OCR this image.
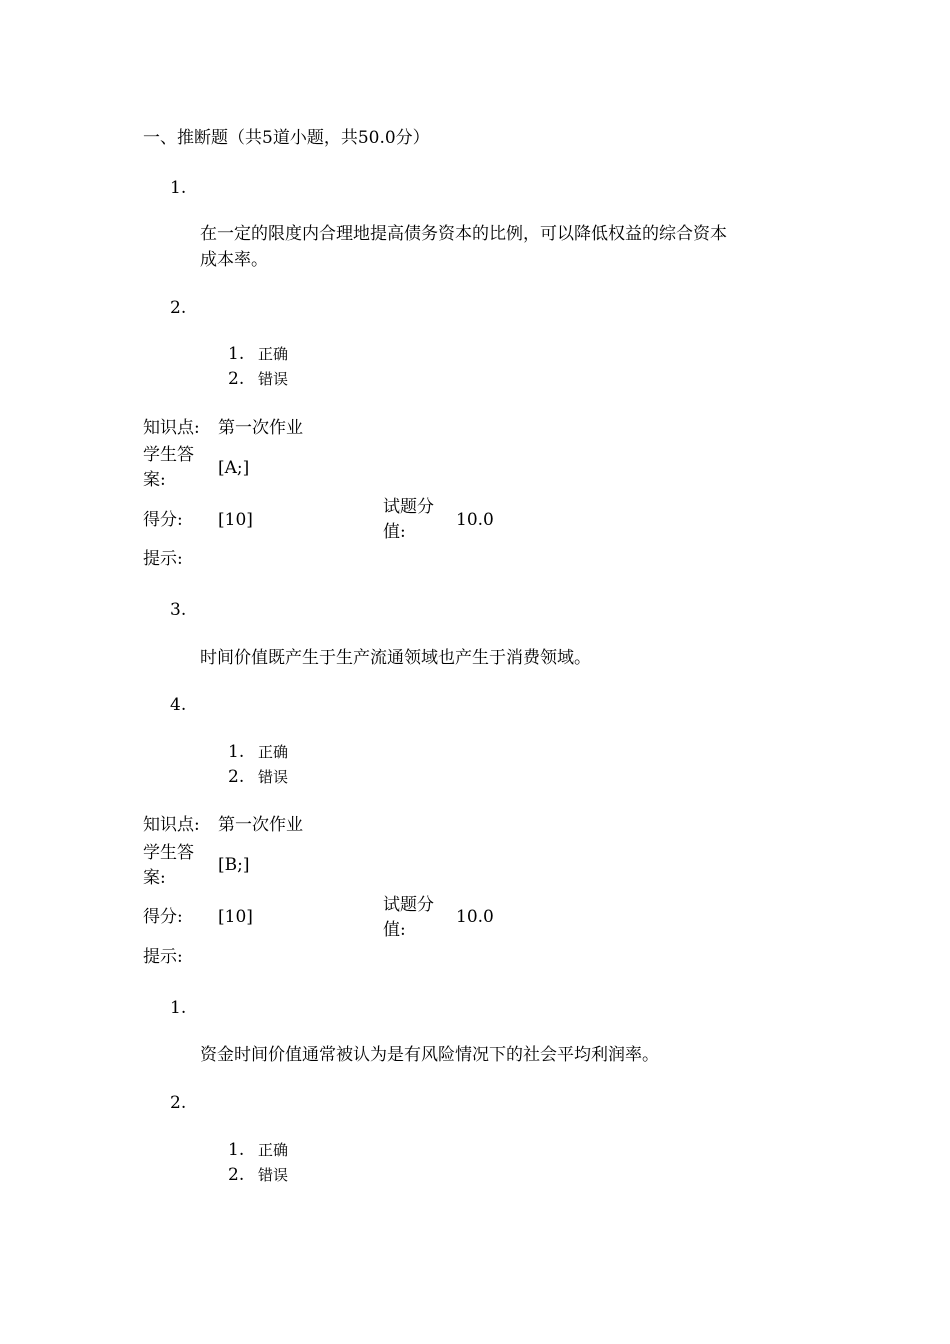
一、推断题（共5道小题，共50.0分）
1.
在一定的限度内合理地提高债务资本的比例，可以降低权益的综合资本
成本率。
2.
1. 正确
2. 错误
知识点: 第一次作业
学生答
案:
[A;]
得分: [10]
试题分
值:
10.0
提示:
3.
时间价值既产生于生产流通领域也产生于消费领域。
4.
1. 正确
2. 错误
知识点: 第一次作业
学生答
案:
[B;]
得分: [10]
试题分
值:
10.0
提示:
1.
资金时间价值通常被认为是有风险情况下的社会平均利润率。
2.
1. 正确
2. 错误
